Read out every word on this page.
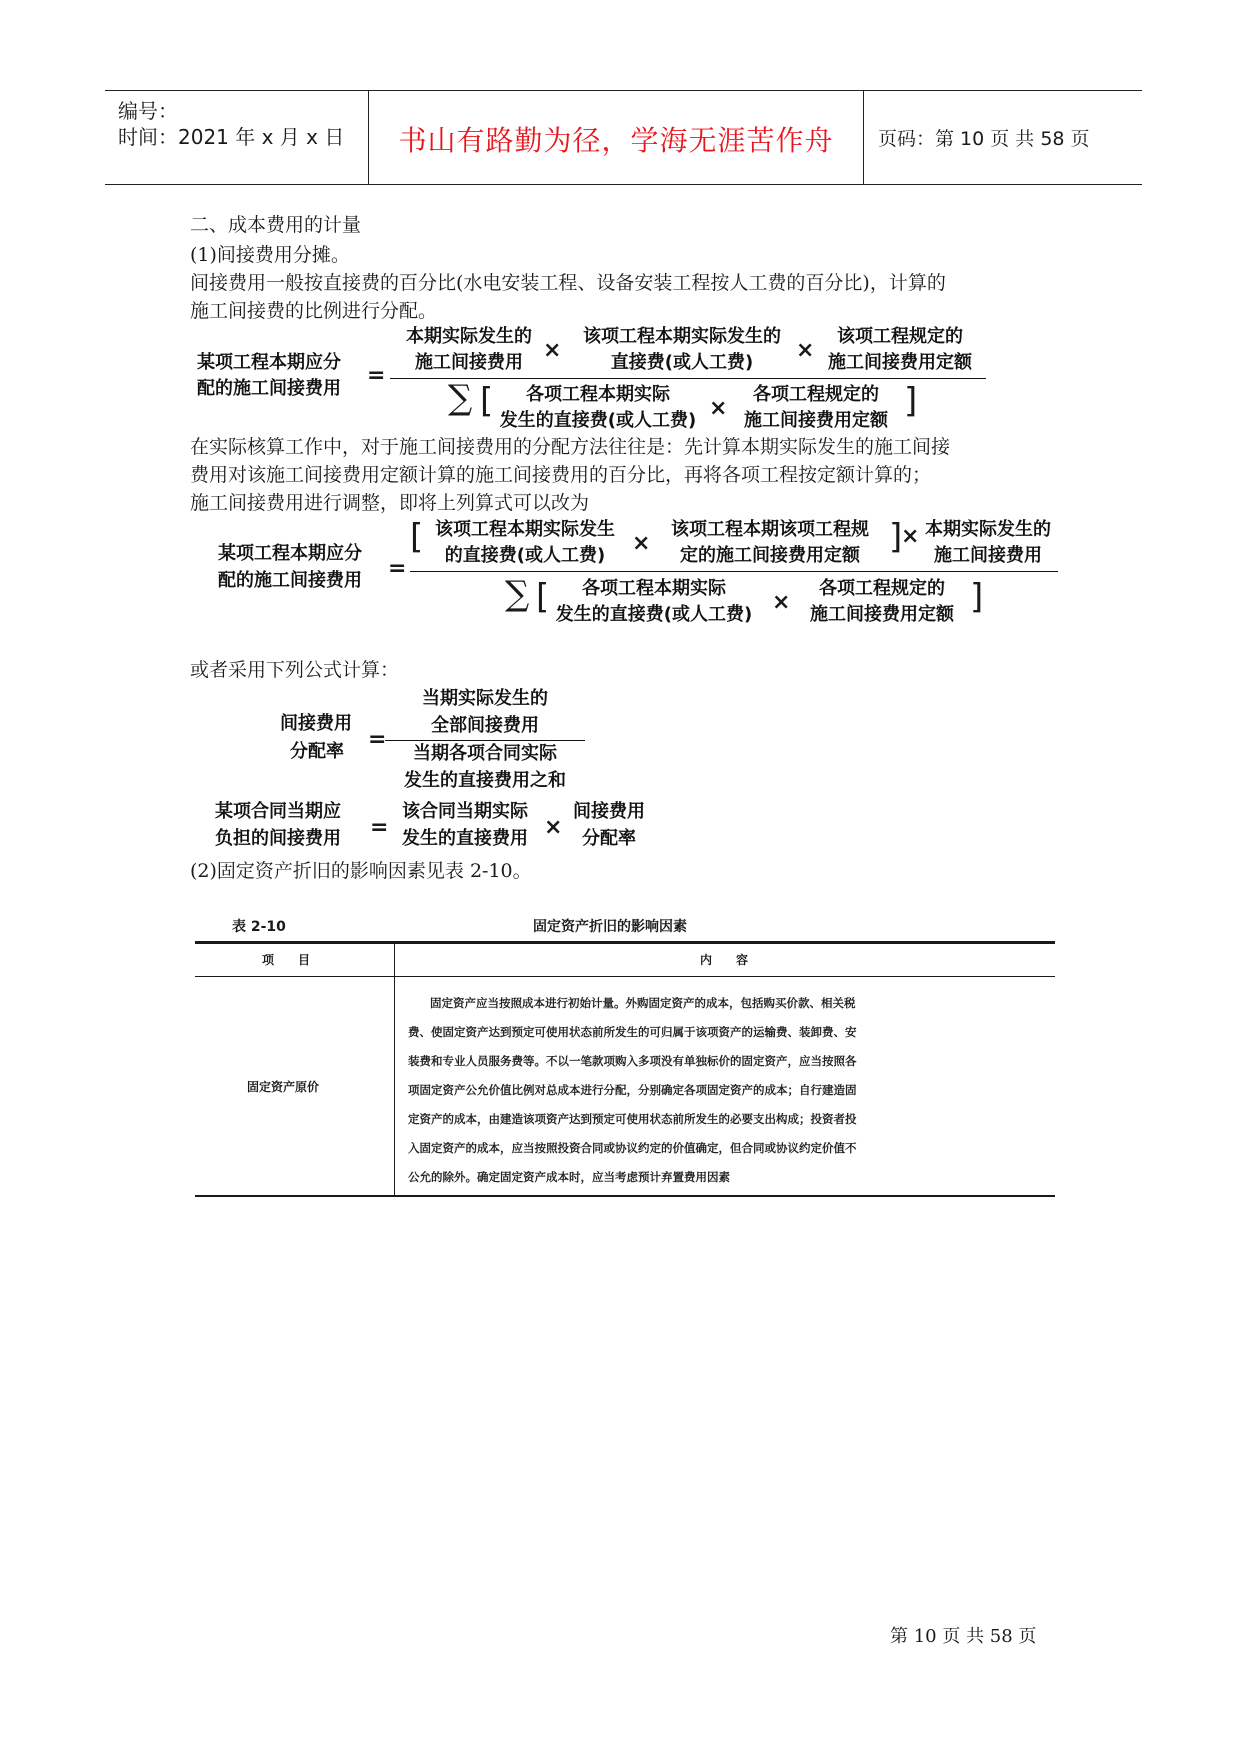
编号：
时间：2021 年 x 月 x 日	书山有路勤为径，学海无涯苦作舟	页码：第 10 页 共 58 页
二、成本费用的计量
(1)间接费用分摊。
间接费用一般按直接费的百分比(水电安装工程、设备安装工程按人工费的百分比)，计算的
施工间接费的比例进行分配。
某项工程本期应分
配的施工间接费用
=
本期实际发生的
施工间接费用 ×
该项工程本期实际发生的
直接费(或人工费)	×
该项工程规定的
施工间接费用定额
∑ [	各项工程本期实际
发生的直接费(或人工费) ×
各项工程规定的
施工间接费用定额 ]
在实际核算工作中，对于施工间接费用的分配方法往往是：先计算本期实际发生的施工间接
费用对该施工间接费用定额计算的施工间接费用的百分比，再将各项工程按定额计算的；
施工间接费用进行调整，即将上列算式可以改为
某项工程本期应分
配的施工间接费用 =
[ 该项工程本期实际发生
的直接费(或人工费)	×
该项工程本期该项工程规
定的施工间接费用定额 ]
× 本期实际发生的
施工间接费用
∑ [	各项工程本期实际
发生的直接费(或人工费) ×
各项工程规定的
施工间接费用定额 ]
或者采用下列公式计算：
间接费用
分配率 =
当期实际发生的
全部间接费用
当期各项合同实际
发生的直接费用之和
某项合同当期应
负担的间接费用 =
该合同当期实际
发生的直接费用 ×
间接费用
分配率
(2)固定资产折旧的影响因素见表 2-10。
表 2-10	固定资产折旧的影响因素
项　　目	内　　容
固定资产原价
固定资产应当按照成本进行初始计量。外购固定资产的成本，包括购买价款、相关税
费、使固定资产达到预定可使用状态前所发生的可归属于该项资产的运输费、装卸费、安
装费和专业人员服务费等。不以一笔款项购入多项没有单独标价的固定资产，应当按照各
项固定资产公允价值比例对总成本进行分配，分别确定各项固定资产的成本；自行建造固
定资产的成本，由建造该项资产达到预定可使用状态前所发生的必要支出构成；投资者投
入固定资产的成本，应当按照投资合同或协议约定的价值确定，但合同或协议约定价值不
公允的除外。确定固定资产成本时，应当考虑预计弃置费用因素
第 10 页 共 58 页
